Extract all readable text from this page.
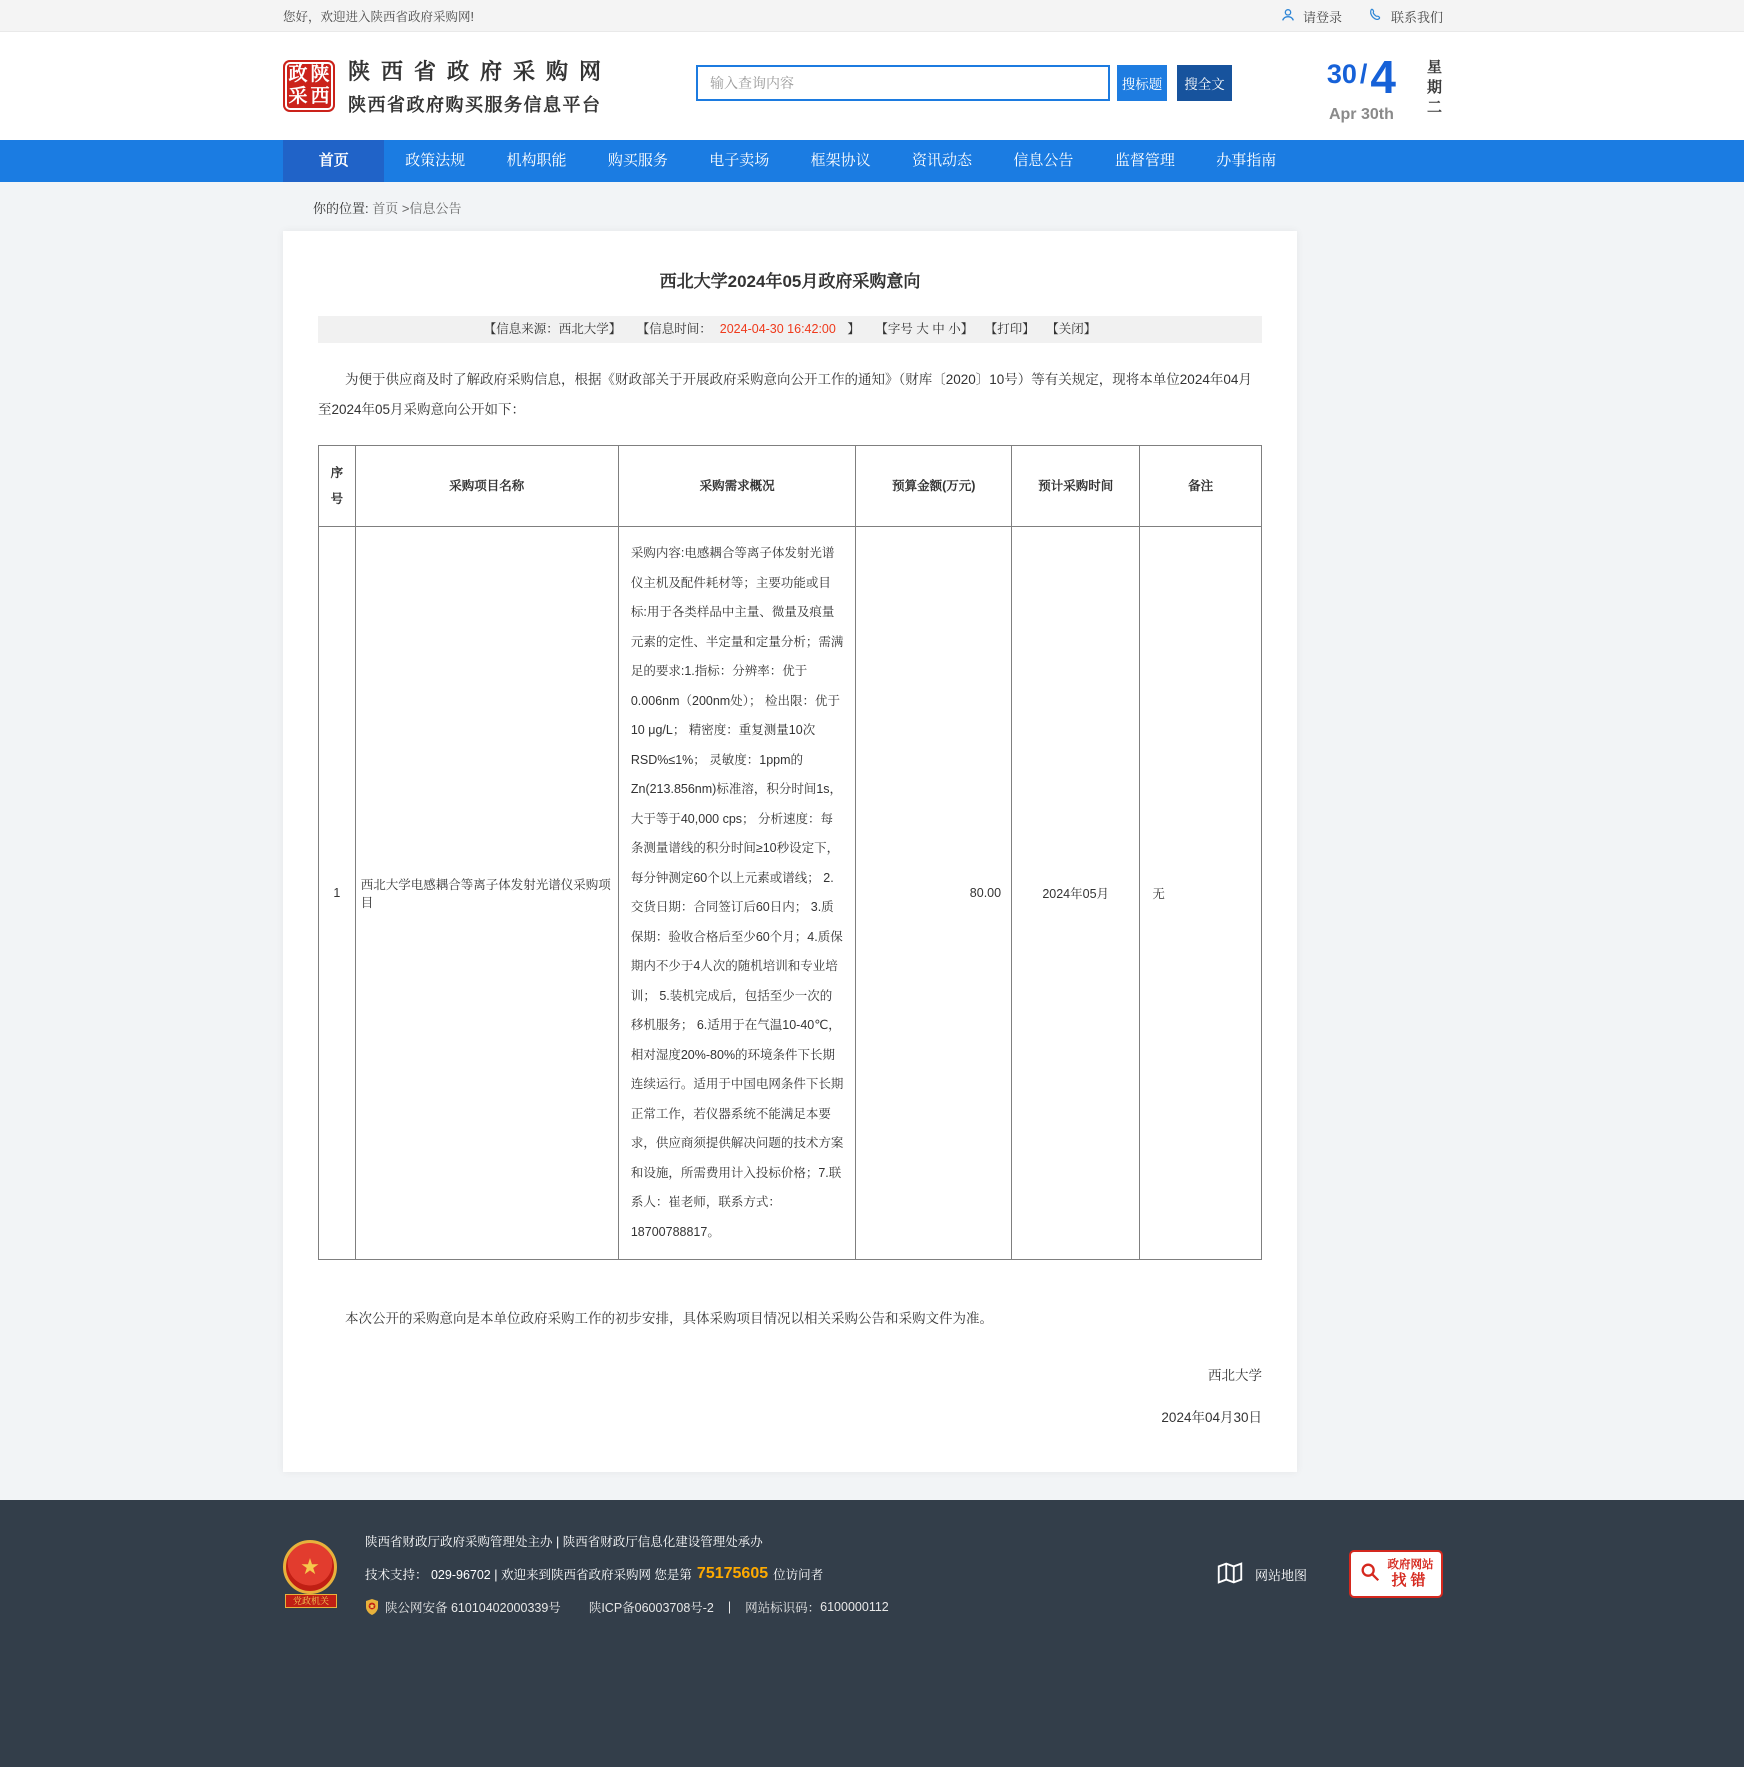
您好，欢迎进入陕西省政府采购网!	请登录	联系我们
政陕
采西
陕西省政府采购网
陕西省政府购买服务信息平台
输入查询内容
搜标题	搜全文	30 / 4
Apr 30th
星期二
首页	政策法规	机构职能	购买服务	电子卖场	框架协议	资讯动态	信息公告	监督管理	办事指南
你的位置: 首页 >信息公告
西北大学2024年05月政府采购意向
【信息来源：西北大学】 【信息时间： 2024-04-30 16:42:00 】 【字号 大 中 小】 【打印】 【关闭】

为便于供应商及时了解政府采购信息，根据《财政部关于开展政府采购意向公开工作的通知》（财库〔2020〕10号）等有关规定，现将本单位2024年04月至2024年05月采购意向公开如下：

序号	采购项目名称	采购需求概况	预算金额(万元)	预计采购时间	备注
1	西北大学电感耦合等离子体发射光谱仪采购项目	采购内容:电感耦合等离子体发射光谱仪主机及配件耗材等；主要功能或目标:用于各类样品中主量、微量及痕量元素的定性、半定量和定量分析；需满足的要求:1.指标：分辨率：优于0.006nm（200nm处）； 检出限：优于10 μg/L； 精密度：重复测量10次RSD%≤1%； 灵敏度：1ppm的Zn(213.856nm)标准溶，积分时间1s，大于等于40,000 cps； 分析速度：每条测量谱线的积分时间≥10秒设定下，每分钟测定60个以上元素或谱线； 2.交货日期：合同签订后60日内； 3.质保期：验收合格后至少60个月；4.质保期内不少于4人次的随机培训和专业培训； 5.装机完成后，包括至少一次的移机服务； 6.适用于在气温10-40℃，相对湿度20%-80%的环境条件下长期连续运行。适用于中国电网条件下长期正常工作，若仪器系统不能满足本要求，供应商须提供解决问题的技术方案和设施，所需费用计入投标价格；7.联系人：崔老师，联系方式：18700788817。	80.00	2024年05月	无

本次公开的采购意向是本单位政府采购工作的初步安排，具体采购项目情况以相关采购公告和采购文件为准。

西北大学
2024年04月30日
★
党政机关
陕西省财政厅政府采购管理处主办 | 陕西省财政厅信息化建设管理处承办
技术支持： 029-96702 | 欢迎来到陕西省政府采购网 您是第 75175605 位访问者
陕公网安备 61010402000339号 陕ICP备06003708号-2 | 网站标识码： 6100000112
网站地图
政府网站
找错
